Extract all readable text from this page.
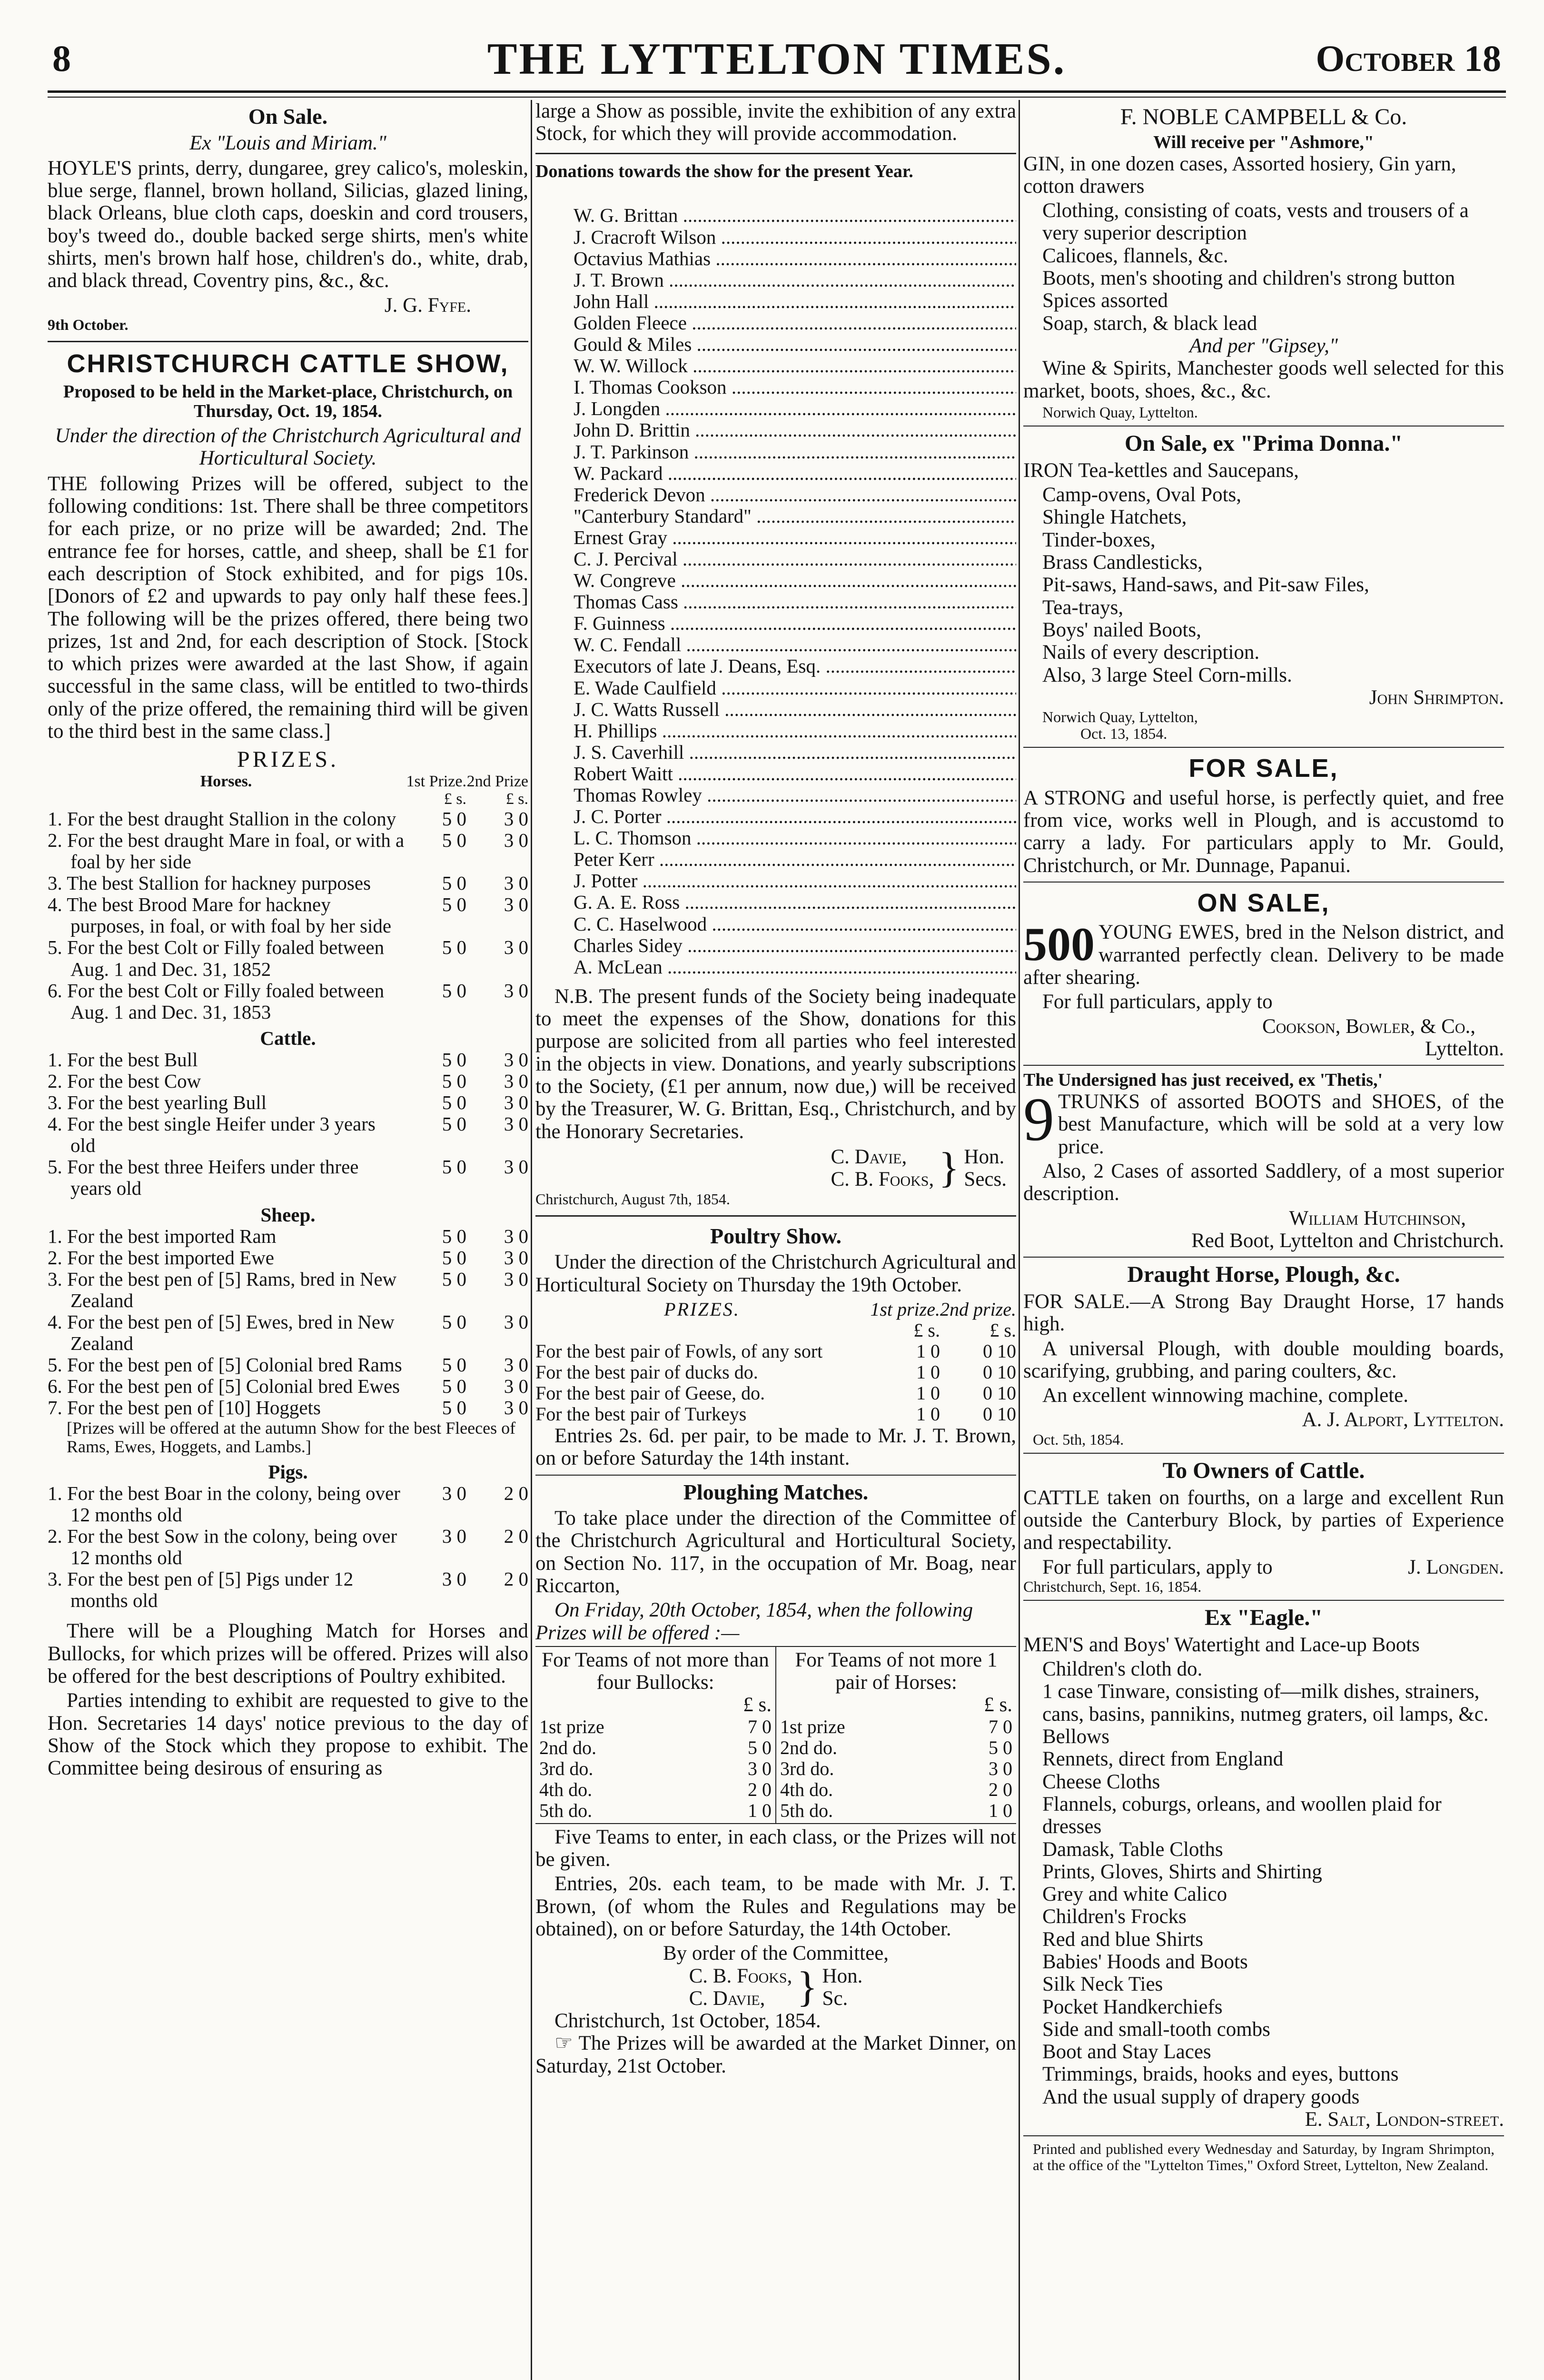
8	THE LYTTELTON TIMES.	October 18
On Sale.
Ex "Louis and Miriam."
HOYLE'S prints, derry, dungaree, grey calico's, moleskin, blue serge, flannel, brown holland, Silicias, glazed lining, black Orleans, blue cloth caps, doeskin and cord trousers, boy's tweed do., double backed serge shirts, men's white shirts, men's brown half hose, children's do., white, drab, and black thread, Coventry pins, &c., &c.
J. G. Fyfe.
9th October.
CHRISTCHURCH CATTLE SHOW,
Proposed to be held in the Market-place, Christchurch, on Thursday, Oct. 19, 1854.
Under the direction of the Christchurch Agricultural and Horticultural Society.
THE following Prizes will be offered, subject to the following conditions: 1st. There shall be three competitors for each prize, or no prize will be awarded; 2nd. The entrance fee for horses, cattle, and sheep, shall be £1 for each description of Stock exhibited, and for pigs 10s. [Donors of £2 and upwards to pay only half these fees.] The following will be the prizes offered, there being two prizes, 1st and 2nd, for each description of Stock. [Stock to which prizes were awarded at the last Show, if again successful in the same class, will be entitled to two-thirds only of the prize offered, the remaining third will be given to the third best in the same class.]
PRIZES.
Horses.	1st Prize.	2nd Prize
	£ s.	£ s.
1. For the best draught Stallion in the colony	5 0	3 0
2. For the best draught Mare in foal, or with a foal by her side	5 0	3 0
3. The best Stallion for hackney purposes	5 0	3 0
4. The best Brood Mare for hackney purposes, in foal, or with foal by her side	5 0	3 0
5. For the best Colt or Filly foaled between Aug. 1 and Dec. 31, 1852	5 0	3 0
6. For the best Colt or Filly foaled between Aug. 1 and Dec. 31, 1853	5 0	3 0
Cattle.		
1. For the best Bull	5 0	3 0
2. For the best Cow	5 0	3 0
3. For the best yearling Bull	5 0	3 0
4. For the best single Heifer under 3 years old	5 0	3 0
5. For the best three Heifers under three years old	5 0	3 0
Sheep.		
1. For the best imported Ram	5 0	3 0
2. For the best imported Ewe	5 0	3 0
3. For the best pen of [5] Rams, bred in New Zealand	5 0	3 0
4. For the best pen of [5] Ewes, bred in New Zealand	5 0	3 0
5. For the best pen of [5] Colonial bred Rams	5 0	3 0
6. For the best pen of [5] Colonial bred Ewes	5 0	3 0
7. For the best pen of [10] Hoggets	5 0	3 0
[Prizes will be offered at the autumn Show for the best Fleeces of Rams, Ewes, Hoggets, and Lambs.]		
Pigs.		
1. For the best Boar in the colony, being over 12 months old	3 0	2 0
2. For the best Sow in the colony, being over 12 months old	3 0	2 0
3. For the best pen of [5] Pigs under 12 months old	3 0	2 0
There will be a Ploughing Match for Horses and Bullocks, for which prizes will be offered. Prizes will also be offered for the best descriptions of Poultry exhibited.
Parties intending to exhibit are requested to give to the Hon. Secretaries 14 days' notice previous to the day of Show of the Stock which they propose to exhibit. The Committee being desirous of ensuring as
large a Show as possible, invite the exhibition of any extra Stock, for which they will provide accommodation.
Donations towards the show for the present Year.

W. G. Brittan .....	
J. Cracroft Wilson .....	
Octavius Mathias .....	
J. T. Brown .....	
John Hall .....	
Golden Fleece .....	
Gould & Miles .....	
W. W. Willock .....	
I. Thomas Cookson .....	
J. Longden .....	
John D. Brittin .....	
J. T. Parkinson .....	
W. Packard .....	
Frederick Devon .....	
"Canterbury Standard" .....	
Ernest Gray .....	
C. J. Percival .....	
W. Congreve .....	
Thomas Cass .....	
F. Guinness .....	
W. C. Fendall .....	
Executors of late J. Deans, Esq. .....	
E. Wade Caulfield .....	
J. C. Watts Russell .....	
H. Phillips .....	
J. S. Caverhill .....	
Robert Waitt .....	
Thomas Rowley .....	
J. C. Porter .....	
L. C. Thomson .....	
Peter Kerr .....	
J. Potter .....	
G. A. E. Ross .....	
C. C. Haselwood .....	
Charles Sidey .....	
A. McLean .....	
N.B. The present funds of the Society being inadequate to meet the expenses of the Show, donations for this purpose are solicited from all parties who feel interested in the objects in view. Donations, and yearly subscriptions to the Society, (£1 per annum, now due,) will be received by the Treasurer, W. G. Brittan, Esq., Christchurch, and by the Honorary Secretaries.
C. Davie,
C. B. Fooks, } Hon.
Secs.
Christchurch, August 7th, 1854.
Poultry Show.
Under the direction of the Christchurch Agricultural and Horticultural Society on Thursday the 19th October.
PRIZES.	1st prize.	2nd prize.
	£ s.	£ s.
For the best pair of Fowls, of any sort	1 0	0 10
For the best pair of ducks do.	1 0	0 10
For the best pair of Geese, do.	1 0	0 10
For the best pair of Turkeys	1 0	0 10
Entries 2s. 6d. per pair, to be made to Mr. J. T. Brown, on or before Saturday the 14th instant.
Ploughing Matches.
To take place under the direction of the Committee of the Christchurch Agricultural and Horticultural Society, on Section No. 117, in the occupation of Mr. Boag, near Riccarton,
On Friday, 20th October, 1854, when the following Prizes will be offered :—
For Teams of not more than four Bullocks:
£ s.
1st prize	7 0
2nd do.	5 0
3rd do.	3 0
4th do.	2 0
5th do.	1 0
For Teams of not more 1 pair of Horses:
£ s.
1st prize	7 0
2nd do.	5 0
3rd do.	3 0
4th do.	2 0
5th do.	1 0
Five Teams to enter, in each class, or the Prizes will not be given.
Entries, 20s. each team, to be made with Mr. J. T. Brown, (of whom the Rules and Regulations may be obtained), on or before Saturday, the 14th October.
By order of the Committee,
C. B. Fooks,
C. Davie, } Hon.
Sc.
Christchurch, 1st October, 1854.
☞ The Prizes will be awarded at the Market Dinner, on Saturday, 21st October.
F. NOBLE CAMPBELL & Co.
Will receive per "Ashmore,"
GIN, in one dozen cases, Assorted hosiery, Gin yarn, cotton drawers
Clothing, consisting of coats, vests and trousers of a very superior description
Calicoes, flannels, &c.
Boots, men's shooting and children's strong button
Spices assorted
Soap, starch, & black lead
And per "Gipsey,"
Wine & Spirits, Manchester goods well selected for this market, boots, shoes, &c., &c.
Norwich Quay, Lyttelton.
On Sale, ex "Prima Donna."
IRON Tea-kettles and Saucepans,
Camp-ovens, Oval Pots,
Shingle Hatchets,
Tinder-boxes,
Brass Candlesticks,
Pit-saws, Hand-saws, and Pit-saw Files,
Tea-trays,
Boys' nailed Boots,
Nails of every description.
Also, 3 large Steel Corn-mills.
John Shrimpton.
Norwich Quay, Lyttelton,
Oct. 13, 1854.
FOR SALE,
A STRONG and useful horse, is perfectly quiet, and free from vice, works well in Plough, and is accustomd to carry a lady. For particulars apply to Mr. Gould, Christchurch, or Mr. Dunnage, Papanui.
ON SALE,
500 YOUNG EWES, bred in the Nelson district, and warranted perfectly clean. Delivery to be made after shearing.
For full particulars, apply to
Cookson, Bowler, & Co.,
Lyttelton.
The Undersigned has just received, ex 'Thetis,'
9 TRUNKS of assorted BOOTS and SHOES, of the best Manufacture, which will be sold at a very low price.
Also, 2 Cases of assorted Saddlery, of a most superior description.
William Hutchinson,
Red Boot, Lyttelton and Christchurch.
Draught Horse, Plough, &c.
FOR SALE.—A Strong Bay Draught Horse, 17 hands high.
A universal Plough, with double moulding boards, scarifying, grubbing, and paring coulters, &c.
An excellent winnowing machine, complete.
A. J. Alport, Lyttelton.
Oct. 5th, 1854.
To Owners of Cattle.
CATTLE taken on fourths, on a large and excellent Run outside the Canterbury Block, by parties of Experience and respectability.
For full particulars, apply to	J. Longden.
Christchurch, Sept. 16, 1854.
Ex "Eagle."
MEN'S and Boys' Watertight and Lace-up Boots
Children's cloth do.
1 case Tinware, consisting of—milk dishes, strainers, cans, basins, pannikins, nutmeg graters, oil lamps, &c.
Bellows
Rennets, direct from England
Cheese Cloths
Flannels, coburgs, orleans, and woollen plaid for dresses
Damask, Table Cloths
Prints, Gloves, Shirts and Shirting
Grey and white Calico
Children's Frocks
Red and blue Shirts
Babies' Hoods and Boots
Silk Neck Ties
Pocket Handkerchiefs
Side and small-tooth combs
Boot and Stay Laces
Trimmings, braids, hooks and eyes, buttons
And the usual supply of drapery goods
E. Salt, London-street.
Printed and published every Wednesday and Saturday, by Ingram Shrimpton, at the office of the "Lyttelton Times," Oxford Street, Lyttelton, New Zealand.
